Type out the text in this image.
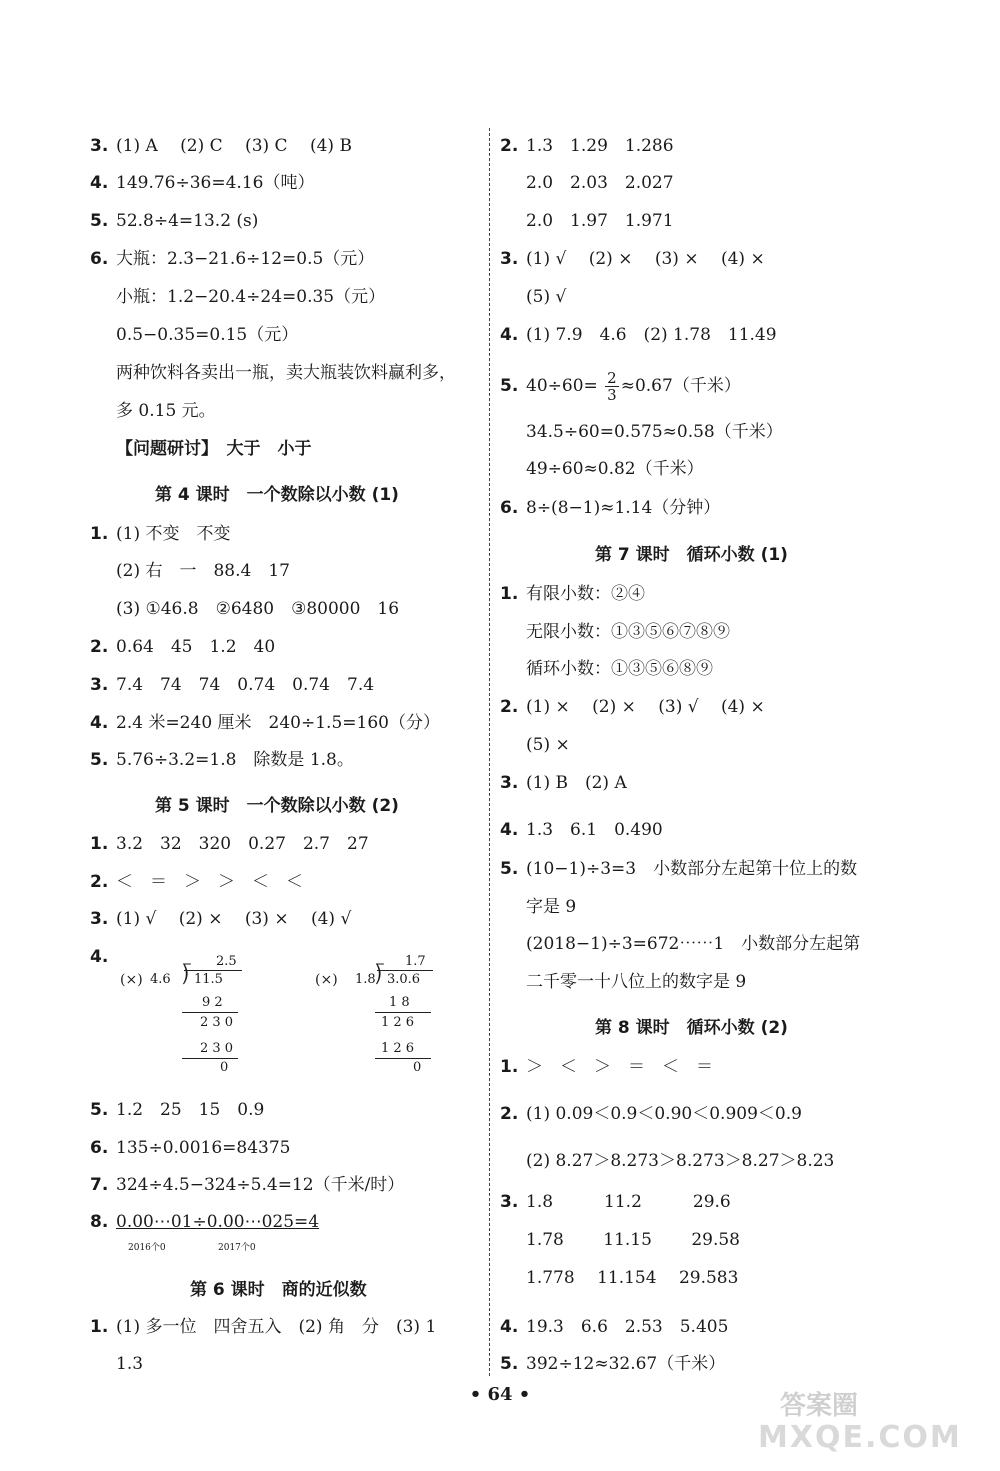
3. (1) A　 (2) C　 (3) C　 (4) B
4. 149.76÷36=4.16（吨）
5. 52.8÷4=13.2 (s)
6. 大瓶：2.3−21.6÷12=0.5（元）
小瓶：1.2−20.4÷24=0.35（元）
0.5−0.35=0.15（元）
两种饮料各卖出一瓶，卖大瓶装饮料赢利多，
多 0.15 元。
【问题研讨】　大于　小于
第 4 课时　一个数除以小数 (1)
1. (1) 不变　不变
(2) 右　一　88.4　17
(3) ①46.8　②6480　③80000　16
2. 0.64　45　1.2　40
3. 7.4　74　74　0.74　0.74　7.4
4. 2.4 米=240 厘米　240÷1.5=160（分）
5. 5.76÷3.2=1.8　除数是 1.8。
第 5 课时　一个数除以小数 (2)
1. 3.2　32　320　0.27　2.7　27
2. ＜　＝　＞　＞　＜　＜
3. (1) √　 (2) ×　 (3) ×　 (4) √
4.
(×)
2.5
4.6 ⟌ 11.5
9 2
2 3 0
2 3 0
0
(×)
1.7
1.8 ⟌ 3.0.6
1 8
1 2 6
1 2 6
0
5. 1.2　25　15　0.9
6. 135÷0.0016=84375
7. 324÷4.5−324÷5.4=12（千米/时）
8. 0.00⋯01÷0.00⋯025=4
2016个0	2017个0
第 6 课时　商的近似数
1. (1) 多一位　四舍五入　(2) 角　分　(3) 1
1.3
2. 1.3　1.29　1.286
2.0　2.03　2.027
2.0　1.97　1.971
3. (1) √　 (2) ×　 (3) ×　 (4) ×
(5) √
4. (1) 7.9　4.6　(2) 1.78　11.49
5. $40\div 60= \frac{2}{3} \approx 0.67$（千米）
34.5÷60=0.575≈0.58（千米）
49÷60≈0.82（千米）
6. 8÷(8−1)≈1.14（分钟）
第 7 课时　循环小数 (1)
1. 有限小数：②④
无限小数：①③⑤⑥⑦⑧⑨
循环小数：①③⑤⑥⑧⑨
2. (1) ×　 (2) ×　 (3) √　 (4) ×
(5) ×
3. (1) B　(2) A
4. 1.3　6.1　0.490
5. (10−1)÷3=3　小数部分左起第十位上的数
字是 9
(2018−1)÷3=672⋯⋯1　小数部分左起第
二千零一十八位上的数字是 9
第 8 课时　循环小数 (2)
1. ＞　＜　＞　＝　＜　＝
2. (1) 0.09＜0.9＜0.90＜0.909＜0.9
(2) 8.27＞8.273＞8.273＞8.27＞8.23
3. 1.8　　　11.2　　　29.6
1.78　　 11.15　　 29.58
1.778　 11.154　 29.583
4. 19.3　6.6　2.53　5.405
5. 392÷12≈32.67（千米）
• 64 •	答案圈
MXQE.COM
